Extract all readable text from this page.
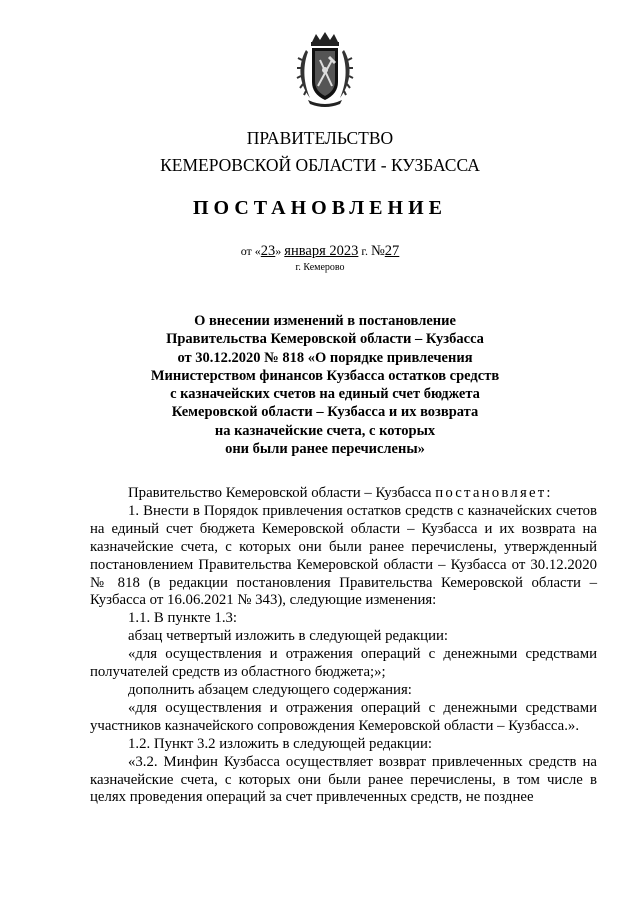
ПРАВИТЕЛЬСТВО
КЕМЕРОВСКОЙ ОБЛАСТИ - КУЗБАССА
ПОСТАНОВЛЕНИЕ
от «23» января 2023 г. №27
г. Кемерово
О внесении изменений в постановление
Правительства Кемеровской области – Кузбасса
от 30.12.2020 № 818 «О порядке привлечения
Министерством финансов Кузбасса остатков средств
с казначейских счетов на единый счет бюджета
Кемеровской области – Кузбасса и их возврата
на казначейские счета, с которых
они были ранее перечислены»

Правительство Кемеровской области – Кузбасса постановляет:

1. Внести в Порядок привлечения остатков средств с казначейских счетов на единый счет бюджета Кемеровской области – Кузбасса и их возврата на казначейские счета, с которых они были ранее перечислены, утвержденный постановлением Правительства Кемеровской области – Кузбасса от 30.12.2020 № 818 (в редакции постановления Правительства Кемеровской области – Кузбасса от 16.06.2021 № 343), следующие изменения:

1.1. В пункте 1.3:

абзац четвертый изложить в следующей редакции:

«для осуществления и отражения операций с денежными средствами получателей средств из областного бюджета;»;

дополнить абзацем следующего содержания:

«для осуществления и отражения операций с денежными средствами участников казначейского сопровождения Кемеровской области – Кузбасса.».

1.2. Пункт 3.2 изложить в следующей редакции:

«3.2. Минфин Кузбасса осуществляет возврат привлеченных средств на казначейские счета, с которых они были ранее перечислены, в том числе в целях проведения операций за счет привлеченных средств, не позднее
